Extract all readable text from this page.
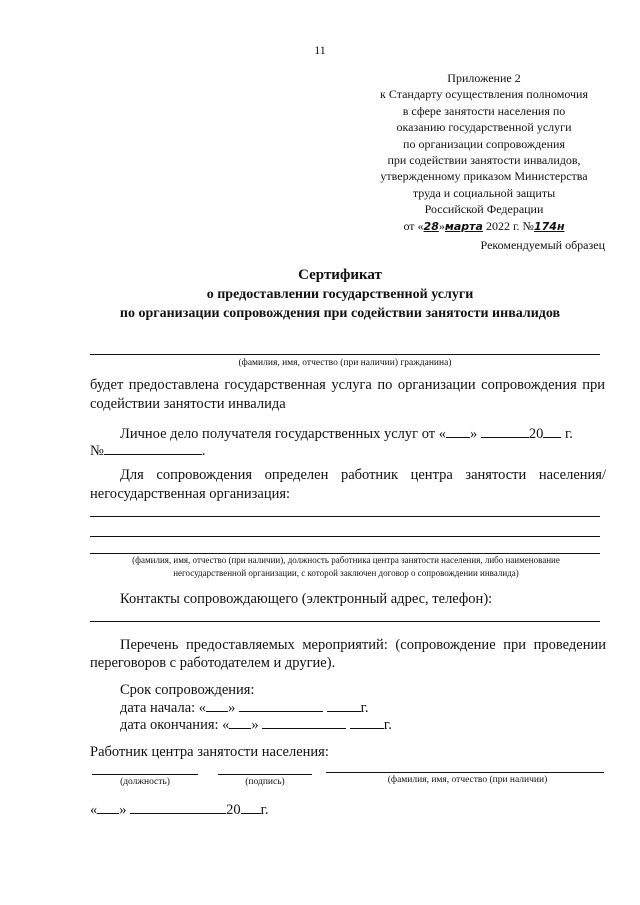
11
Приложение 2
к Стандарту осуществления полномочия
в сфере занятости населения по
оказанию государственной услуги
по организации сопровождения
при содействии занятости инвалидов,
утвержденному приказом Министерства
труда и социальной защиты
Российской Федерации
от «28»марта 2022 г. №174н
Рекомендуемый образец
Сертификат
о предоставлении государственной услуги
по организации сопровождения при содействии занятости инвалидов
(фамилия, имя, отчество (при наличии) гражданина)
будет предоставлена государственная услуга по организации сопровождения при
содействии занятости инвалида
Личное дело получателя государственных услуг от « »	20 г.
№	.
Для сопровождения определен работник центра занятости населения/
негосударственная организация:
(фамилия, имя, отчество (при наличии), должность работника центра занятости населения, либо наименование
негосударственной организации, с которой заключен договор о сопровождении инвалида)
Контакты сопровождающего (электронный адрес, телефон):
Перечень предоставляемых мероприятий: (сопровождение при проведении
переговоров с работодателем и другие).
Срок сопровождения:
дата начала: « »	г.
дата окончания: « »	г.
Работник центра занятости населения:
(должность)	(подпись)	(фамилия, имя, отчество (при наличии)
« »	20 г.
